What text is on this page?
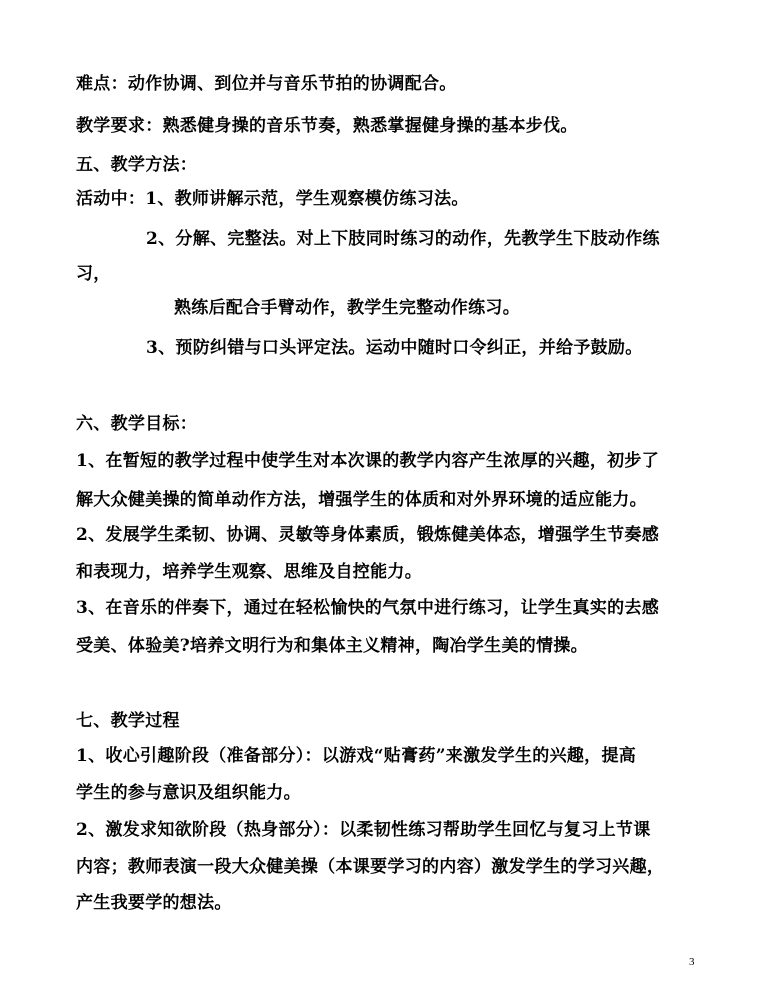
难点：动作协调、到位并与音乐节拍的协调配合。
教学要求：熟悉健身操的音乐节奏，熟悉掌握健身操的基本步伐。
五、教学方法：
活动中：1、教师讲解示范，学生观察模仿练习法。
2、分解、完整法。对上下肢同时练习的动作，先教学生下肢动作练
习，
熟练后配合手臂动作，教学生完整动作练习。
3、预防纠错与口头评定法。运动中随时口令纠正，并给予鼓励。
六、教学目标：
1、在暂短的教学过程中使学生对本次课的教学内容产生浓厚的兴趣，初步了
解大众健美操的简单动作方法，增强学生的体质和对外界环境的适应能力。
2、发展学生柔韧、协调、灵敏等身体素质，锻炼健美体态，增强学生节奏感
和表现力，培养学生观察、思维及自控能力。
3、在音乐的伴奏下，通过在轻松愉快的气氛中进行练习，让学生真实的去感
受美、体验美?培养文明行为和集体主义精神，陶冶学生美的情操。
七、教学过程
1、收心引趣阶段（准备部分）：以游戏“贴膏药”来激发学生的兴趣，提高
学生的参与意识及组织能力。
2、激发求知欲阶段（热身部分）：以柔韧性练习帮助学生回忆与复习上节课
内容；教师表演一段大众健美操（本课要学习的内容）激发学生的学习兴趣，
产生我要学的想法。
3
